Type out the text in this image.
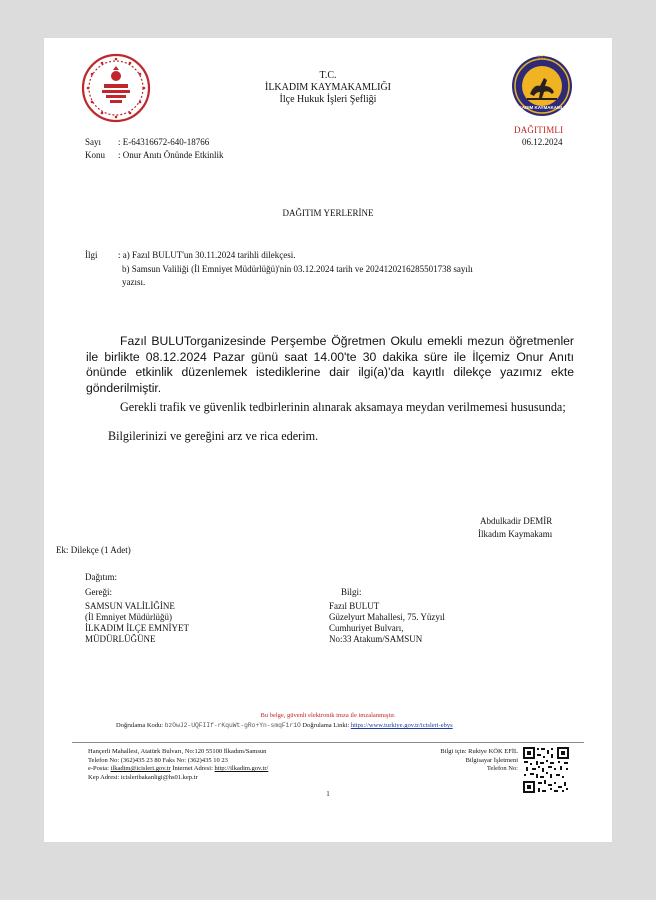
T.C.
İLKADIM KAYMAKAMLIĞI
İlçe Hukuk İşleri Şefliği
T.C.
İLKADIM KAYMAKAMLIĞI
DAĞITIMLI
06.12.2024
Sayı : E-64316672-640-18766
Konu : Onur Anıtı Önünde Etkinlik
DAĞITIM YERLERİNE
İlgi : a) Fazıl BULUT'un 30.11.2024 tarihli dilekçesi.
b) Samsun Valiliği (İl Emniyet Müdürlüğü)'nin 03.12.2024 tarih ve 2024120216285501738 sayılı
yazısı.
Fazıl BULUTorganizesinde Perşembe Öğretmen Okulu emekli mezun öğretmenler ile birlikte 08.12.2024 Pazar günü saat 14.00'te 30 dakika süre ile İlçemiz Onur Anıtı önünde etkinlik düzenlemek istediklerine dair ilgi(a)'da kayıtlı dilekçe yazımız ekte gönderilmiştir.
Gerekli trafik ve güvenlik tedbirlerinin alınarak aksamaya meydan verilmemesi hususunda;
Bilgilerinizi ve gereğini arz ve rica ederim.
Abdulkadir DEMİR
İlkadım Kaymakamı
Ek: Dilekçe (1 Adet)
Dağıtım:
Gereği:
SAMSUN VALİLİĞİNE
(İl Emniyet Müdürlüğü)
İLKADIM İLÇE EMNİYET
MÜDÜRLÜĞÜNE
Bilgi:
Fazıl BULUT
Güzelyurt Mahallesi, 75. Yüzyıl
Cumhuriyet Bulvarı,
No:33 Atakum/SAMSUN
Bu belge, güvenli elektronik imza ile imzalanmıştır.
Doğrulama Kodu: bzOwJ2-UQFIIf-rKquWt-gRo+Yn-smqF1r1O Doğrulama Linki: https://www.turkiye.gov.tr/icisleri-ebys
Hançerli Mahallesi, Atatürk Bulvarı, No:120 55100 İlkadım/Samsun
Telefon No: (362)435 23 80 Faks No: (362)435 10 23
e-Posta: ilkadim@icisleri.gov.tr İnternet Adresi: http://ilkadim.gov.tr/
Kep Adresi: icisleribakanligi@hs01.kep.tr
Bilgi için: Rukiye KÖK EFİL
Bilgisayar İşletmeni
Telefon No:
1
